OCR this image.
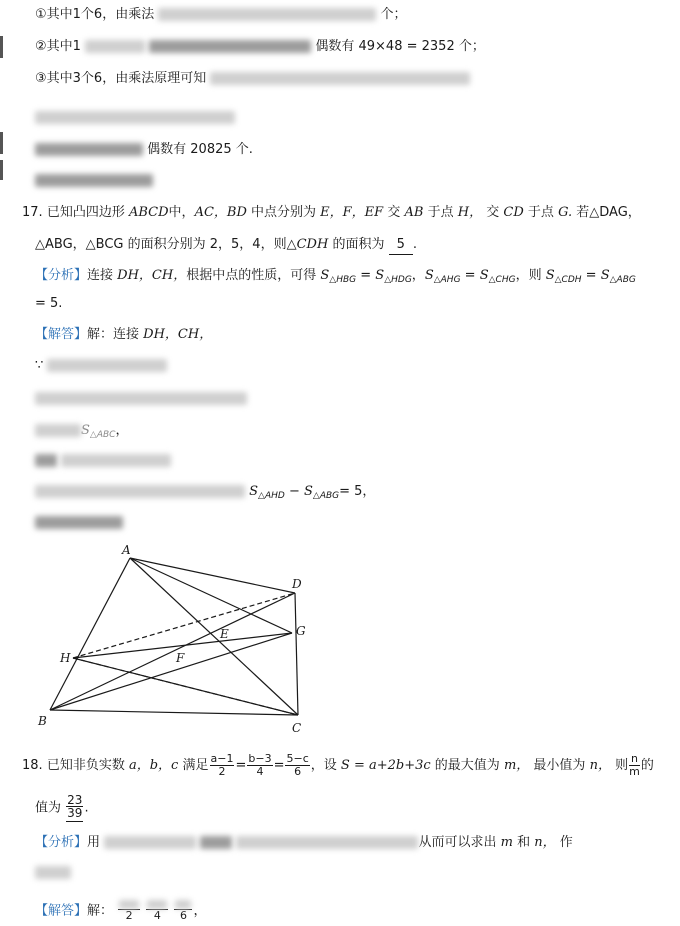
①其中1个6，由乘法	个；
②其中1	偶数有 49×48 = 2352 个；
③其中3个6，由乘法原理可知
偶数有 20825 个.
17. 已知凸四边形 ABCD中，AC，BD 中点分别为 E，F，EF 交 AB 于点 H， 交 CD 于点 G. 若△DAG，
△ABG，△BCG 的面积分别为 2，5，4，则△CDH 的面积为 5 .
【分析】连接 DH，CH，根据中点的性质，可得 $S_{\triangle HBG} = S_{\triangle HDG}$，$S_{\triangle AHG} = S_{\triangle CHG}$，则 $S_{\triangle CDH} = S_{\triangle ABG}$
= 5.
【解答】解：连接 DH，CH，
∵
$S_{\triangle ABC}$，

$S_{\triangle AHD} - S_{\triangle ABG}= 5$，
A
D
G
E
H	F
B	C
18. 已知非负实数 a，b，c 满足 $\frac{a-1}{2} = \frac{b-3}{4} = \frac{5-c}{6}$ ，设 S = a+2b+3c 的最大值为 m， 最小值为 n， 则 $\frac{n}{m}$ 的
值为 $\frac{23}{39}$ .
【分析】用	从而可以求出 m 和 n， 作
【解答】解：	2
	4
	6 ，
